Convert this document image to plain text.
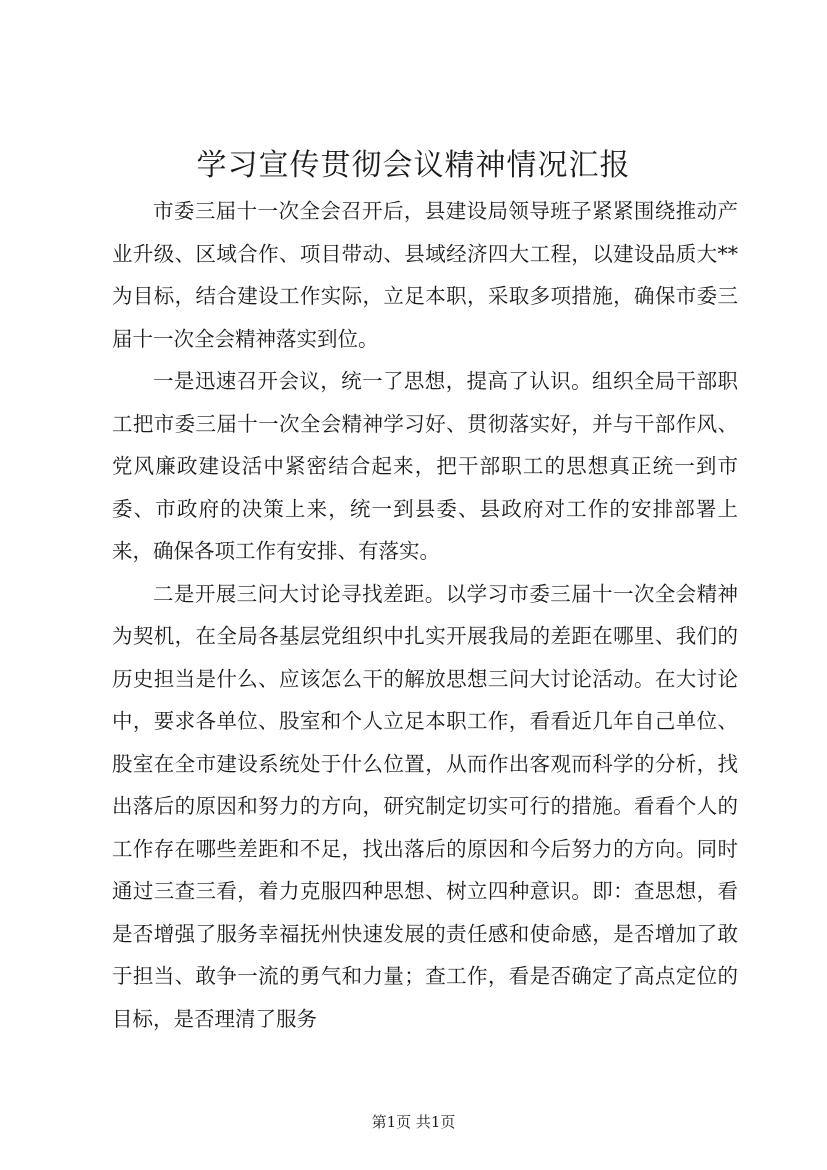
学习宣传贯彻会议精神情况汇报

市委三届十一次全会召开后，县建设局领导班子紧紧围绕推动产业升级、区域合作、项目带动、县域经济四大工程，以建设品质大**为目标，结合建设工作实际，立足本职，采取多项措施，确保市委三届十一次全会精神落实到位。

一是迅速召开会议，统一了思想，提高了认识。组织全局干部职工把市委三届十一次全会精神学习好、贯彻落实好，并与干部作风、党风廉政建设活中紧密结合起来，把干部职工的思想真正统一到市委、市政府的决策上来，统一到县委、县政府对工作的安排部署上来，确保各项工作有安排、有落实。

二是开展三问大讨论寻找差距。以学习市委三届十一次全会精神为契机，在全局各基层党组织中扎实开展我局的差距在哪里、我们的历史担当是什么、应该怎么干的解放思想三问大讨论活动。在大讨论中，要求各单位、股室和个人立足本职工作，看看近几年自己单位、股室在全市建设系统处于什么位置，从而作出客观而科学的分析，找出落后的原因和努力的方向，研究制定切实可行的措施。看看个人的工作存在哪些差距和不足，找出落后的原因和今后努力的方向。同时通过三查三看，着力克服四种思想、树立四种意识。即：查思想，看是否增强了服务幸福抚州快速发展的责任感和使命感，是否增加了敢于担当、敢争一流的勇气和力量；查工作，看是否确定了高点定位的目标，是否理清了服务

第1页 共1页
